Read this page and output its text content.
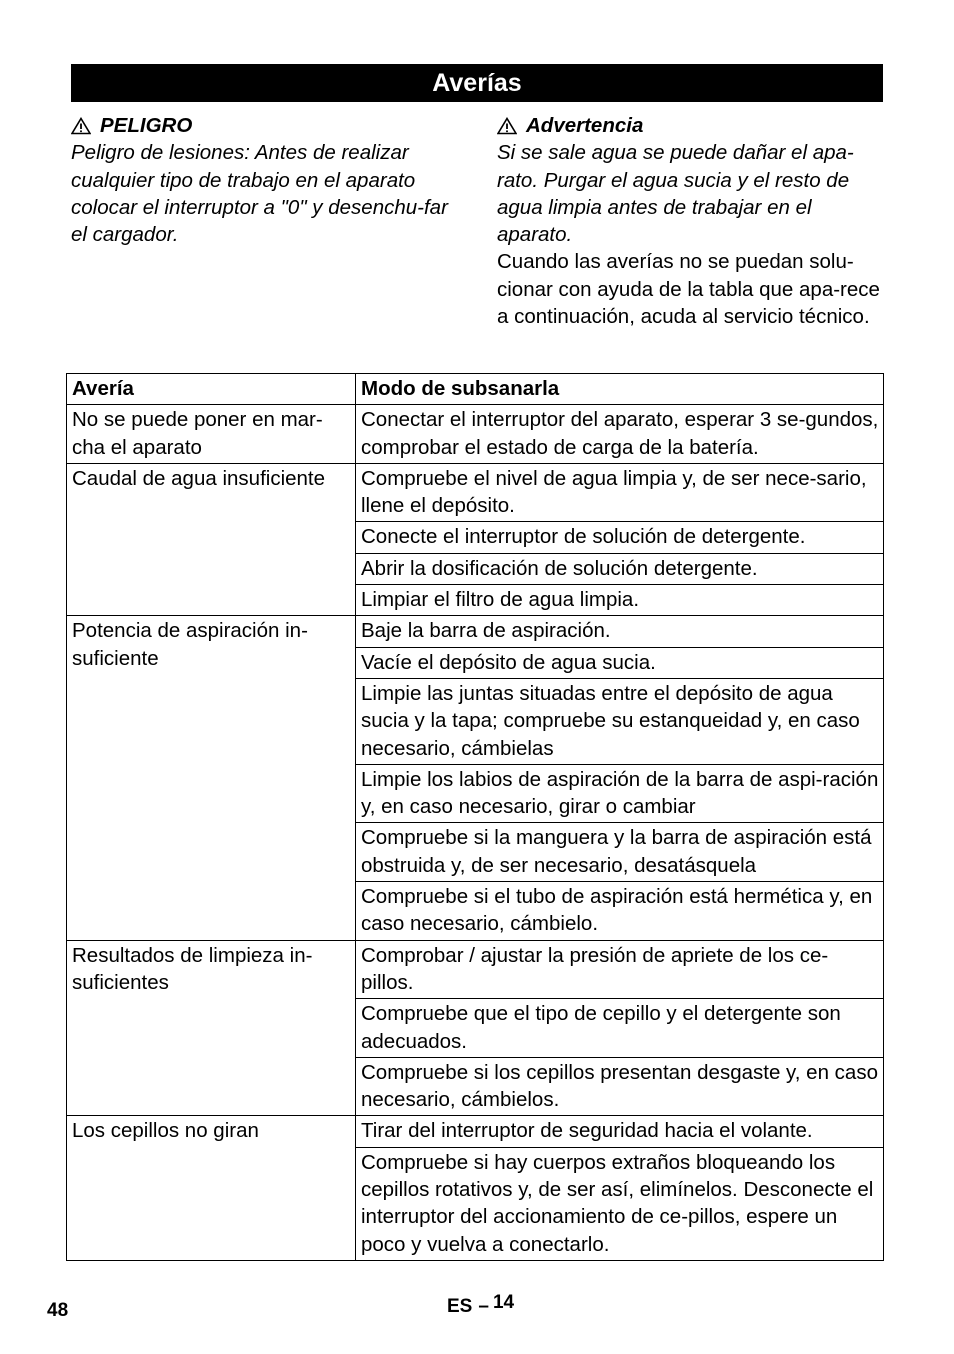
Averías
PELIGRO

Peligro de lesiones: Antes de realizar cualquier tipo de trabajo en el aparato colocar el interruptor a "0" y desenchu-far el cargador.

Advertencia

Si se sale agua se puede dañar el apa-rato. Purgar el agua sucia y el resto de agua limpia antes de trabajar en el aparato.

Cuando las averías no se puedan solu-cionar con ayuda de la tabla que apa-rece a continuación, acuda al servicio técnico.

Avería	Modo de subsanarla
No se puede poner en mar-cha el aparato	Conectar el interruptor del aparato, esperar 3 se-gundos, comprobar el estado de carga de la batería.
Caudal de agua insuficiente	Compruebe el nivel de agua limpia y, de ser nece-sario, llene el depósito.
	Conecte el interruptor de solución de detergente.
	Abrir la dosificación de solución detergente.
	Limpiar el filtro de agua limpia.
Potencia de aspiración in-suficiente	Baje la barra de aspiración.
	Vacíe el depósito de agua sucia.
	Limpie las juntas situadas entre el depósito de agua sucia y la tapa; compruebe su estanqueidad y, en caso necesario, cámbielas
	Limpie los labios de aspiración de la barra de aspi-ración y, en caso necesario, girar o cambiar
	Compruebe si la manguera y la barra de aspiración está obstruida y, de ser necesario, desatásquela
	Compruebe si el tubo de aspiración está hermética y, en caso necesario, cámbielo.
Resultados de limpieza in-suficientes	Comprobar / ajustar la presión de apriete de los ce-pillos.
	Compruebe que el tipo de cepillo y el detergente son adecuados.
	Compruebe si los cepillos presentan desgaste y, en caso necesario, cámbielos.
Los cepillos no giran	Tirar del interruptor de seguridad hacia el volante.
	Compruebe si hay cuerpos extraños bloqueando los cepillos rotativos y, de ser así, elimínelos. Desconecte el interruptor del accionamiento de ce-pillos, espere un poco y vuelva a conectarlo.
48	ES – 14
